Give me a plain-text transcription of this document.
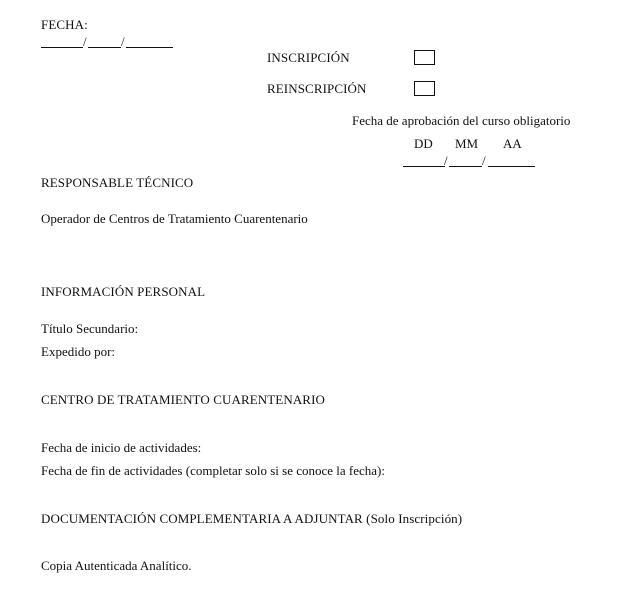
FECHA:
/	/
INSCRIPCIÓN
REINSCRIPCIÓN
Fecha de aprobación del curso obligatorio
DD MM AA
/	/
RESPONSABLE TÉCNICO
Operador de Centros de Tratamiento Cuarentenario
INFORMACIÓN PERSONAL
Título Secundario:
Expedido por:
CENTRO DE TRATAMIENTO CUARENTENARIO
Fecha de inicio de actividades:
Fecha de fin de actividades (completar solo si se conoce la fecha):
DOCUMENTACIÓN COMPLEMENTARIA A ADJUNTAR (Solo Inscripción)
Copia Autenticada Analítico.
